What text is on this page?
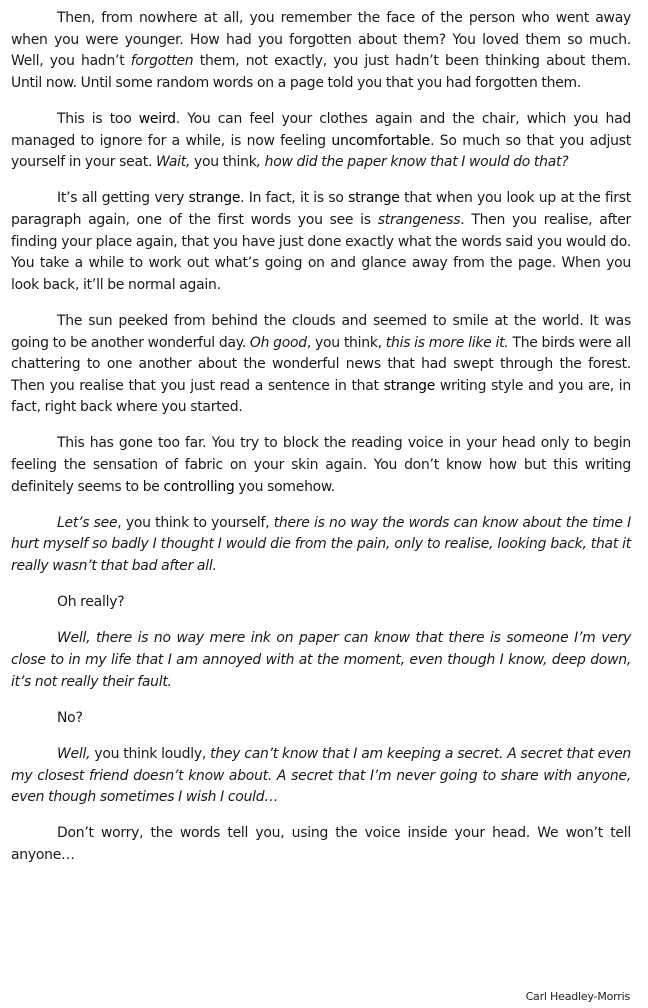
Then, from nowhere at all, you remember the face of the person who went away when you were younger. How had you forgotten about them? You loved them so much. Well, you hadn’t forgotten them, not exactly, you just hadn’t been thinking about them. Until now. Until some random words on a page told you that you had forgotten them.

This is too weird. You can feel your clothes again and the chair, which you had managed to ignore for a while, is now feeling uncomfortable. So much so that you adjust yourself in your seat. Wait, you think, how did the paper know that I would do that?

It’s all getting very strange. In fact, it is so strange that when you look up at the first paragraph again, one of the first words you see is strangeness. Then you realise, after finding your place again, that you have just done exactly what the words said you would do. You take a while to work out what’s going on and glance away from the page. When you look back, it’ll be normal again.

The sun peeked from behind the clouds and seemed to smile at the world. It was going to be another wonderful day. Oh good, you think, this is more like it. The birds were all chattering to one another about the wonderful news that had swept through the forest. Then you realise that you just read a sentence in that strange writing style and you are, in fact, right back where you started.

This has gone too far. You try to block the reading voice in your head only to begin feeling the sensation of fabric on your skin again. You don’t know how but this writing definitely seems to be controlling you somehow.

Let’s see, you think to yourself, there is no way the words can know about the time I hurt myself so badly I thought I would die from the pain, only to realise, looking back, that it really wasn’t that bad after all.

Oh really?

Well, there is no way mere ink on paper can know that there is someone I’m very close to in my life that I am annoyed with at the moment, even though I know, deep down, it’s not really their fault.

No?

Well, you think loudly, they can’t know that I am keeping a secret. A secret that even my closest friend doesn’t know about. A secret that I’m never going to share with anyone, even though sometimes I wish I could…

Don’t worry, the words tell you, using the voice inside your head. We won’t tell anyone…

Carl Headley-Morris
